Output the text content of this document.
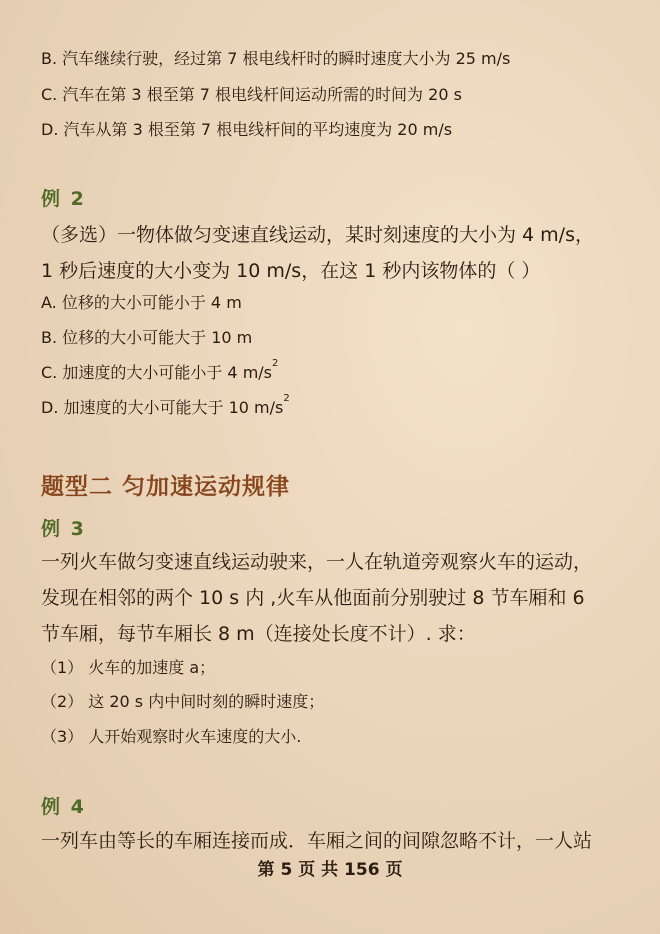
B. 汽车继续行驶，经过第 7 根电线杆时的瞬时速度大小为 25 m/s
C. 汽车在第 3 根至第 7 根电线杆间运动所需的时间为 20 s
D. 汽车从第 3 根至第 7 根电线杆间的平均速度为 20 m/s
例 2
（多选）一物体做匀变速直线运动，某时刻速度的大小为 4 m/s，
1 秒后速度的大小变为 10 m/s，在这 1 秒内该物体的（ ）
A. 位移的大小可能小于 4 m
B. 位移的大小可能大于 10 m
C. 加速度的大小可能小于 4 $m/s^2$
D. 加速度的大小可能大于 10 $m/s^2$
题型二 匀加速运动规律
例 3
一列火车做匀变速直线运动驶来，一人在轨道旁观察火车的运动，
发现在相邻的两个 10 s 内 ,火车从他面前分别驶过 8 节车厢和 6
节车厢，每节车厢长 8 m（连接处长度不计）. 求：
（1） 火车的加速度 a；
（2） 这 20 s 内中间时刻的瞬时速度；
（3） 人开始观察时火车速度的大小.
例 4
一列车由等长的车厢连接而成．车厢之间的间隙忽略不计，一人站
第 5 页 共 156 页
